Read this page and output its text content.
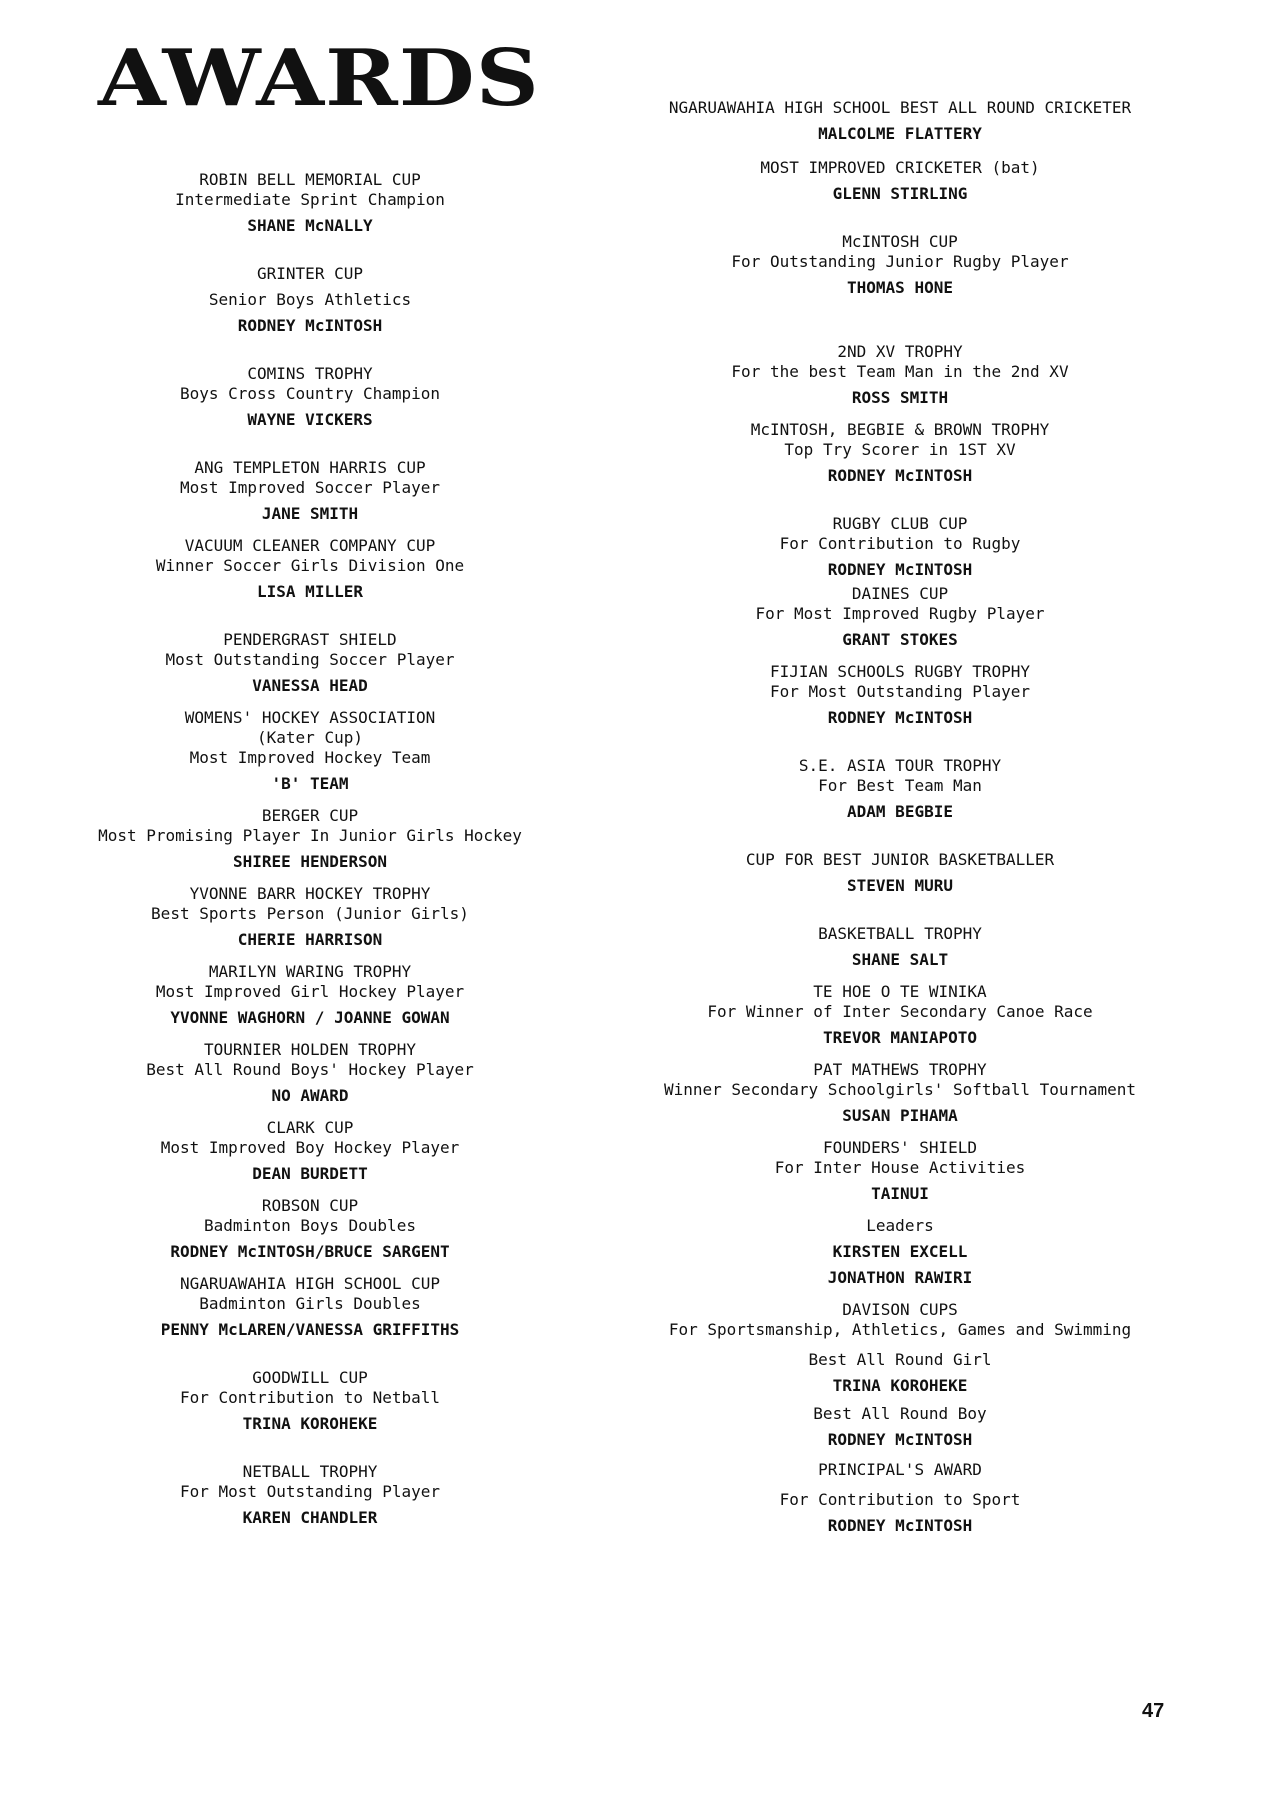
AWARDS
ROBIN BELL MEMORIAL CUP
Intermediate Sprint Champion
SHANE McNALLY
GRINTER CUP
Senior Boys Athletics
RODNEY McINTOSH
COMINS TROPHY
Boys Cross Country Champion
WAYNE VICKERS
ANG TEMPLETON HARRIS CUP
Most Improved Soccer Player
JANE SMITH
VACUUM CLEANER COMPANY CUP
Winner Soccer Girls Division One
LISA MILLER
PENDERGRAST SHIELD
Most Outstanding Soccer Player
VANESSA HEAD
WOMENS' HOCKEY ASSOCIATION
(Kater Cup)
Most Improved Hockey Team
'B' TEAM
BERGER CUP
Most Promising Player In Junior Girls Hockey
SHIREE HENDERSON
YVONNE BARR HOCKEY TROPHY
Best Sports Person (Junior Girls)
CHERIE HARRISON
MARILYN WARING TROPHY
Most Improved Girl Hockey Player
YVONNE WAGHORN / JOANNE GOWAN
TOURNIER HOLDEN TROPHY
Best All Round Boys' Hockey Player
NO AWARD
CLARK CUP
Most Improved Boy Hockey Player
DEAN BURDETT
ROBSON CUP
Badminton Boys Doubles
RODNEY McINTOSH/BRUCE SARGENT
NGARUAWAHIA HIGH SCHOOL CUP
Badminton Girls Doubles
PENNY McLAREN/VANESSA GRIFFITHS
GOODWILL CUP
For Contribution to Netball
TRINA KOROHEKE
NETBALL TROPHY
For Most Outstanding Player
KAREN CHANDLER
NGARUAWAHIA HIGH SCHOOL BEST ALL ROUND CRICKETER
MALCOLME FLATTERY
MOST IMPROVED CRICKETER (bat)
GLENN STIRLING
McINTOSH CUP
For Outstanding Junior Rugby Player
THOMAS HONE
2ND XV TROPHY
For the best Team Man in the 2nd XV
ROSS SMITH
McINTOSH, BEGBIE & BROWN TROPHY
Top Try Scorer in 1ST XV
RODNEY McINTOSH
RUGBY CLUB CUP
For Contribution to Rugby
RODNEY McINTOSH
DAINES CUP
For Most Improved Rugby Player
GRANT STOKES
FIJIAN SCHOOLS RUGBY TROPHY
For Most Outstanding Player
RODNEY McINTOSH
S.E. ASIA TOUR TROPHY
For Best Team Man
ADAM BEGBIE
CUP FOR BEST JUNIOR BASKETBALLER
STEVEN MURU
BASKETBALL TROPHY
SHANE SALT
TE HOE O TE WINIKA
For Winner of Inter Secondary Canoe Race
TREVOR MANIAPOTO
PAT MATHEWS TROPHY
Winner Secondary Schoolgirls' Softball Tournament
SUSAN PIHAMA
FOUNDERS' SHIELD
For Inter House Activities
TAINUI
Leaders
KIRSTEN EXCELL
JONATHON RAWIRI
DAVISON CUPS
For Sportsmanship, Athletics, Games and Swimming
Best All Round Girl
TRINA KOROHEKE
Best All Round Boy
RODNEY McINTOSH
PRINCIPAL'S AWARD
For Contribution to Sport
RODNEY McINTOSH
47
